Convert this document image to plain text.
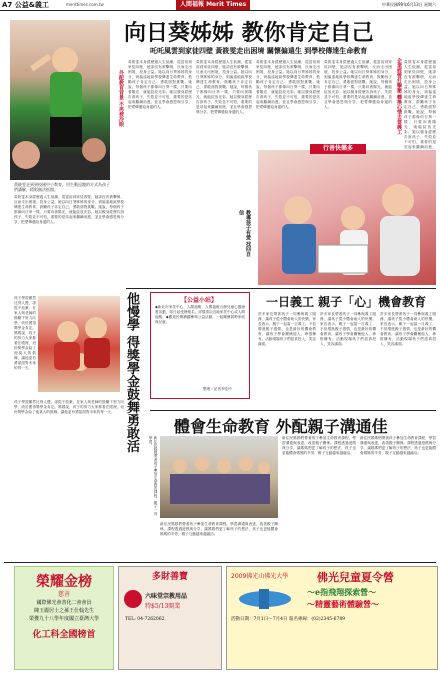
A7 公益&義工	merittimes.com.tw	人間福報 Merit Times	中華民國99年6月13日 星期六
黃筱雯走到到校國中小教育，用生動逗趣的方式為孩子們講解，精彩無法抵擋。
向日葵姊姊 教你肯定自己
吒吒風雲到家徒四壁 黃筱雯走出困境 關懷偏遠生 到學校傳達生命教育
外配教育背景 不再被冷眼	企業經營打擊壓 轉換心情去當義工
黃筱雯本身經歷過人生低潮，從富裕到家徒四壁，她卻沒有被擊倒，反而走出困境，投身公益。她以向日葵姊姊的身分，到偏遠地區學校傳達生命教育，鼓勵孩子肯定自己、勇敢面對挑戰。她說，每個孩子都像向日葵一樣，只要向著陽光，就能綻放光彩。她以親身經歷告訴孩子，失敗並不可怕，重要的是站起來繼續前進，並且學會感恩與分享，把愛傳遞給身邊的人。
黃筱雯本身經歷過人生低潮，從富裕到家徒四壁，她卻沒有被擊倒，反而走出困境，投身公益。她以向日葵姊姊的身分，到偏遠地區學校傳達生命教育，鼓勵孩子肯定自己、勇敢面對挑戰。她說，每個孩子都像向日葵一樣，只要向著陽光，就能綻放光彩。她以親身經歷告訴孩子，失敗並不可怕，重要的是站起來繼續前進，並且學會感恩與分享，把愛傳遞給身邊的人。
黃筱雯本身經歷過人生低潮，從富裕到家徒四壁，她卻沒有被擊倒，反而走出困境，投身公益。她以向日葵姊姊的身分，到偏遠地區學校傳達生命教育，鼓勵孩子肯定自己、勇敢面對挑戰。她說，每個孩子都像向日葵一樣，只要向著陽光，就能綻放光彩。她以親身經歷告訴孩子，失敗並不可怕，重要的是站起來繼續前進，並且學會感恩與分享，把愛傳遞給身邊的人。
黃筱雯本身經歷過人生低潮，從富裕到家徒四壁，她卻沒有被擊倒，反而走出困境，投身公益。她以向日葵姊姊的身分，到偏遠地區學校傳達生命教育，鼓勵孩子肯定自己、勇敢面對挑戰。她說，每個孩子都像向日葵一樣，只要向著陽光，就能綻放光彩。她以親身經歷告訴孩子，失敗並不可怕，重要的是站起來繼續前進，並且學會感恩與分享，把愛傳遞給身邊的人。
黃筱雯本身經歷過人生低潮，從富裕到家徒四壁，她卻沒有被擊倒，反而走出困境，投身公益。她以向日葵姊姊的身分，到偏遠地區學校傳達生命教育，鼓勵孩子肯定自己、勇敢面對挑戰。她說，每個孩子都像向日葵一樣，只要向著陽光，就能綻放光彩。她以親身經歷告訴孩子，失敗並不可怕，重要的是站起來繼續前進，
黃筱雯本身經歷過人生低潮，從富裕到家徒四壁，她卻沒有被擊倒，反而走出困境，投身公益。她以向日葵姊姊的身分，到偏遠地區學校傳達生命教育，鼓勵孩子肯定自己、勇敢面對挑戰。她說，每個孩子都像向日葵一樣，只要向著陽光，就能綻放光彩。她以親身經歷告訴孩子，失敗並不可怕，重要的是站起來繼續前進，並且學會感恩與分享，把愛傳遞給身邊的人。	教導孩子有愛 找回自信
行善快樂多
他慢學 得獎學金鼓舞勇敢活
孩子學習雖然比別人慢，卻從不放棄，在家人與老師的鼓勵下努力向學，終於獲得獎學金肯定。媽媽說，孩子的努力大家都看在眼裡，這份獎學金給了他莫大的鼓舞，讓他更有勇氣面對未來的每一天。
孩子學習雖然比別人慢，卻從不放棄，在家人與老師的鼓勵下努力向學，終於獲得獎學金肯定。媽媽說，孩子的努力大家都看在眼裡，這份獎學金給了他莫大的鼓舞，讓他更有勇氣面對未來的每一天。
【公益小站】
◆新北市家扶中心、人間福報、人間福報合辦兒童心靈繪畫活動，即日起受理報名，詳情請洽各地家扶中心或人間福報。◆歡迎民眾踴躍參與公益活動，一起關懷弱勢家庭與兒童。
整理／記者李佳玲
一日義工 親子「心」機會教育
許多家長帶著孩子一同參與義工服務，讓孩子從小體會助人的快樂。家長表示，親子一起當一日義工，不但增進親子感情，也是最好的機會教育，讓孩子學會關懷他人、珍惜擁有。活動現場孩子們認真投入，笑容滿面。
許多家長帶著孩子一同參與義工服務，讓孩子從小體會助人的快樂。家長表示，親子一起當一日義工，不但增進親子感情，也是最好的機會教育，讓孩子學會關懷他人、珍惜擁有。活動現場孩子們認真投入，笑容滿面。
許多家長帶著孩子一同參與義工服務，讓孩子從小體會助人的快樂。家長表示，親子一起當一日義工，不但增進親子感情，也是最好的機會教育，讓孩子學會關懷他人、珍惜擁有。活動現場孩子們認真投入，笑容滿面。
體會生命教育 外配親子溝通佳
新住民媽媽帶著孩子參加生命教育課程，親子一同學習。	新住民媽媽們帶著孩子參加生命教育課程，學習溝通與表達，改善親子關係。課程透過遊戲與分享，讓媽媽們更了解孩子的想法，孩子也更能體會媽媽的辛勞，親子互動越來越融洽。
新住民媽媽們帶著孩子參加生命教育課程，學習溝通與表達，改善親子關係。課程透過遊戲與分享，讓媽媽們更了解孩子的想法，孩子也更能體會媽媽的辛勞，親子互動越來越融洽。
新住民媽媽們帶著孩子參加生命教育課程，學習溝通與表達，改善親子關係。課程透過遊戲與分享，讓媽媽們更了解孩子的想法，孩子也更能體會媽媽的辛勞，親子互動越來越融洽。
榮耀金榜
慈善
國際佛光會善化二會會員
陳玉麗居士之孫王仕翰先生
榮獲九十八學年度國立臺灣大學
化工科全國榜首
多財善寶
六味堂宗教用品
特$5/13開業
TEL: 04-7262062
2009佛光山佛光大學	佛光兒童夏令營
～e指飛翔探索營～
～精靈藝術體驗營～
活動日期：7月1日～7月4日 報名專線：(02)2345-6789
